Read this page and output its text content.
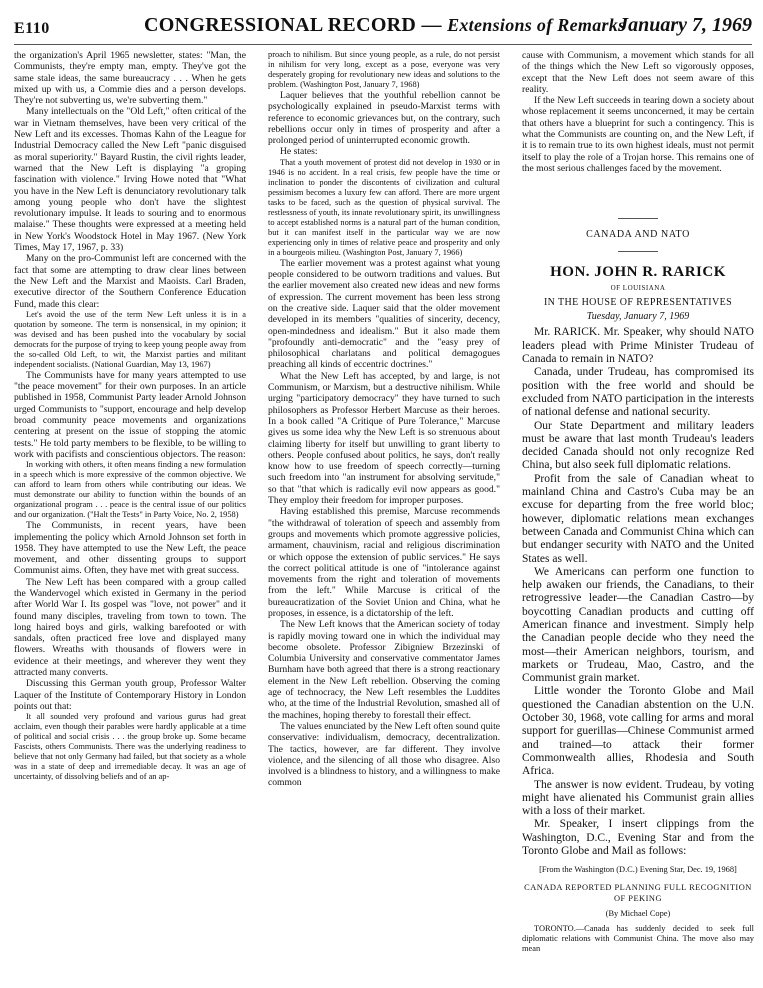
E110	CONGRESSIONAL RECORD — Extensions of Remarks
January 7, 1969

the organization's April 1965 newsletter, states: "Man, the Communists, they're empty man, empty. They've got the same stale ideas, the same bureaucracy . . . When he gets mixed up with us, a Commie dies and a person develops. They're not subverting us, we're subverting them."

Many intellectuals on the "Old Left," often critical of the war in Vietnam themselves, have been very critical of the New Left and its excesses. Thomas Kahn of the League for Industrial Democracy called the New Left "panic disguised as moral superiority." Bayard Rustin, the civil rights leader, warned that the New Left is displaying "a groping fascination with violence." Irving Howe noted that "What you have in the New Left is denunciatory revolutionary talk among young people who don't have the slightest revolutionary impulse. It leads to souring and to enormous malaise." These thoughts were expressed at a meeting held in New York's Woodstock Hotel in May 1967. (New York Times, May 17, 1967, p. 33)

Many on the pro-Communist left are concerned with the fact that some are attempting to draw clear lines between the New Left and the Marxist and Maoists. Carl Braden, executive director of the Southern Conference Education Fund, made this clear:

Let's avoid the use of the term New Left unless it is in a quotation by someone. The term is nonsensical, in my opinion; it was devised and has been pushed into the vocabulary by social democrats for the purpose of trying to keep young people away from the so-called Old Left, to wit, the Marxist parties and militant independent socialists. (National Guardian, May 13, 1967)

The Communists have for many years attempted to use "the peace movement" for their own purposes. In an article published in 1958, Communist Party leader Arnold Johnson urged Communists to "support, encourage and help develop broad community peace movements and organizations centering at present on the issue of stopping the atomic tests." He told party members to be flexible, to be willing to work with pacifists and conscientious objectors. The reason:

In working with others, it often means finding a new formulation in a speech which is more expressive of the common objective. We can afford to learn from others while contributing our ideas. We must demonstrate our ability to function within the bounds of an organizational program . . . peace is the central issue of our politics and our organization. ("Halt the Tests" in Party Voice, No. 2, 1958)

The Communists, in recent years, have been implementing the policy which Arnold Johnson set forth in 1958. They have attempted to use the New Left, the peace movement, and other dissenting groups to support Communist aims. Often, they have met with great success.

The New Left has been compared with a group called the Wandervogel which existed in Germany in the period after World War I. Its gospel was "love, not power" and it found many disciples, traveling from town to town. The long haired boys and girls, walking barefooted or with sandals, often practiced free love and displayed many flowers. Wreaths with thousands of flowers were in evidence at their meetings, and wherever they went they attracted many converts.

Discussing this German youth group, Professor Walter Laquer of the Institute of Contemporary History in London points out that:

It all sounded very profound and various gurus had great acclaim, even though their parables were hardly applicable at a time of political and social crisis . . . the group broke up. Some became Fascists, others Communists. There was the underlying readiness to believe that not only Germany had failed, but that society as a whole was in a state of deep and irremediable decay. It was an age of uncertainty, of dissolving beliefs and of an ap-

proach to nihilism. But since young people, as a rule, do not persist in nihilism for very long, except as a pose, everyone was very desperately groping for revolutionary new ideas and solutions to the problem. (Washington Post, January 7, 1968)

Laquer believes that the youthful rebellion cannot be psychologically explained in pseudo-Marxist terms with reference to economic grievances but, on the contrary, such rebellions occur only in times of prosperity and after a prolonged period of uninterrupted economic growth.

He states:

That a youth movement of protest did not develop in 1930 or in 1946 is no accident. In a real crisis, few people have the time or inclination to ponder the discontents of civilization and cultural pessimism becomes a luxury few can afford. There are more urgent tasks to be faced, such as the question of physical survival. The restlessness of youth, its innate revolutionary spirit, its unwillingness to accept established norms is a natural part of the human condition, but it can manifest itself in the particular way we are now experiencing only in times of relative peace and prosperity and only in a bourgeois milieu. (Washington Post, January 7, 1966)

The earlier movement was a protest against what young people considered to be outworn traditions and values. But the earlier movement also created new ideas and new forms of expression. The current movement has been less strong on the creative side. Laquer said that the older movement developed in its members "qualities of sincerity, decency, open-mindedness and idealism." But it also made them "profoundly anti-democratic" and the "easy prey of philosophical charlatans and political demagogues preaching all kinds of eccentric doctrines."

What the New Left has accepted, by and large, is not Communism, or Marxism, but a destructive nihilism. While urging "participatory democracy" they have turned to such philosophers as Professor Herbert Marcuse as their heroes. In a book called "A Critique of Pure Tolerance," Marcuse gives us some idea why the New Left is so strenuous about claiming liberty for itself but unwilling to grant liberty to others. People confused about politics, he says, don't really know how to use freedom of speech correctly—turning such freedom into "an instrument for absolving servitude," so that "that which is radically evil now appears as good." They employ their freedom for improper purposes.

Having established this premise, Marcuse recommends "the withdrawal of toleration of speech and assembly from groups and movements which promote aggressive policies, armament, chauvinism, racial and religious discrimination or which oppose the extension of public services." He says the correct political attitude is one of "intolerance against movements from the right and toleration of movements from the left." While Marcuse is critical of the bureaucratization of the Soviet Union and China, what he proposes, in essence, is a dictatorship of the left.

The New Left knows that the American society of today is rapidly moving toward one in which the individual may become obsolete. Professor Zibigniew Brzezinski of Columbia University and conservative commentator James Burnham have both agreed that there is a strong reactionary element in the New Left rebellion. Observing the coming age of technocracy, the New Left resembles the Luddites who, at the time of the Industrial Revolution, smashed all of the machines, hoping thereby to forestall their effect.

The values enunciated by the New Left often sound quite conservative: individualism, democracy, decentralization. The tactics, however, are far different. They involve violence, and the silencing of all those who disagree. Also involved is a blindness to history, and a willingness to make common

cause with Communism, a movement which stands for all of the things which the New Left so vigorously opposes, except that the New Left does not seem aware of this reality.

If the New Left succeeds in tearing down a society about whose replacement it seems unconcerned, it may be certain that others have a blueprint for such a contingency. This is what the Communists are counting on, and the New Left, if it is to remain true to its own highest ideals, must not permit itself to play the role of a Trojan horse. This remains one of the most serious challenges faced by the movement.

CANADA AND NATO
HON. JOHN R. RARICK
OF LOUISIANA
IN THE HOUSE OF REPRESENTATIVES
Tuesday, January 7, 1969

Mr. RARICK. Mr. Speaker, why should NATO leaders plead with Prime Minister Trudeau of Canada to remain in NATO?

Canada, under Trudeau, has compromised its position with the free world and should be excluded from NATO participation in the interests of national defense and national security.

Our State Department and military leaders must be aware that last month Trudeau's leaders decided Canada should not only recognize Red China, but also seek full diplomatic relations.

Profit from the sale of Canadian wheat to mainland China and Castro's Cuba may be an excuse for departing from the free world bloc; however, diplomatic relations mean exchanges between Canada and Communist China which can but endanger security with NATO and the United States as well.

We Americans can perform one function to help awaken our friends, the Canadians, to their retrogressive leader—the Canadian Castro—by boycotting Canadian products and cutting off American finance and investment. Simply help the Canadian people decide who they need the most—their American neighbors, tourism, and markets or Trudeau, Mao, Castro, and the Communist grain market.

Little wonder the Toronto Globe and Mail questioned the Canadian abstention on the U.N. October 30, 1968, vote calling for arms and moral support for guerillas—Chinese Communist armed and trained—to attack their former Commonwealth allies, Rhodesia and South Africa.

The answer is now evident. Trudeau, by voting might have alienated his Communist grain allies with a loss of their market.

Mr. Speaker, I insert clippings from the Washington, D.C., Evening Star and from the Toronto Globe and Mail as follows:

[From the Washington (D.C.) Evening Star, Dec. 19, 1968]
CANADA REPORTED PLANNING FULL RECOGNITION OF PEKING
(By Michael Cope)

TORONTO.—Canada has suddenly decided to seek full diplomatic relations with Communist China. The move also may mean
